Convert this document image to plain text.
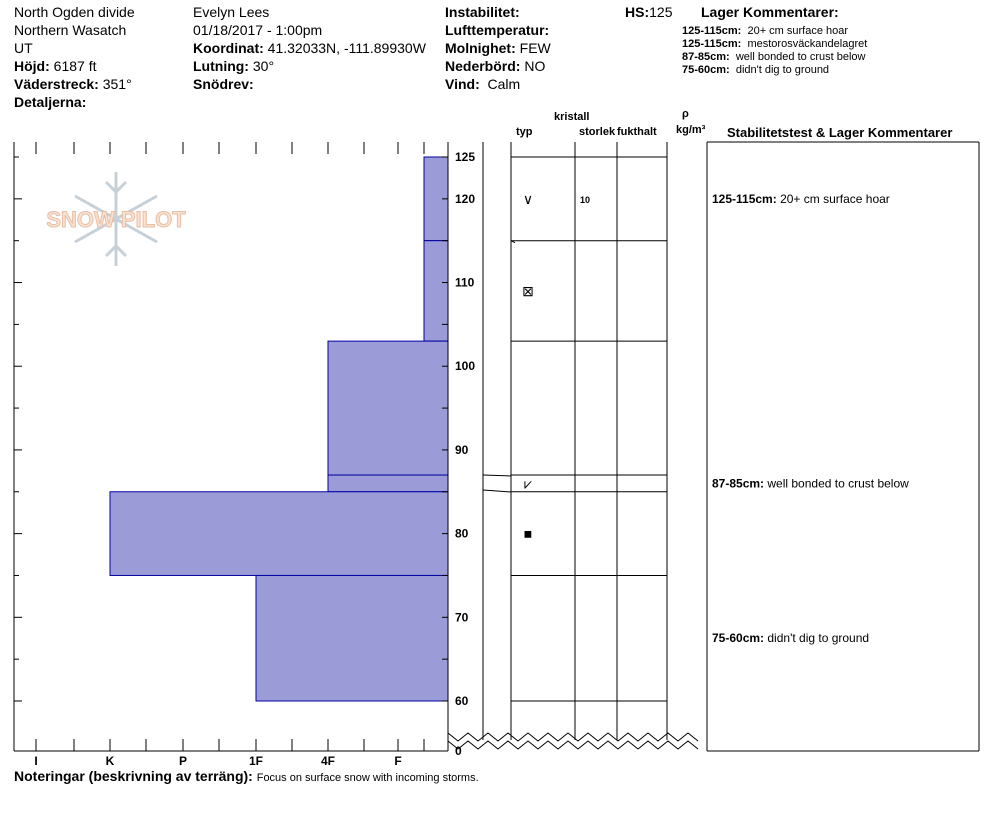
North Ogden divide
Northern Wasatch
UT
Höjd: 6187 ft
Väderstreck: 351°
Detaljerna:
Evelyn Lees
01/18/2017 - 1:00pm
Koordinat: 41.32033N, -111.89930W
Lutning: 30°
Snödrev:
Instabilitet:
Lufttemperatur:
Molnighet: FEW
Nederbörd: NO
Vind: Calm
HS:125 Lager Kommentarer:
125-115cm: 20+ cm surface hoar
125-115cm: mestorosväckandelagret
87-85cm: well bonded to crust below
75-60cm: didn't dig to ground
kristall
typ	storlek fukthalt
ρ
kg/m³ Stabilitetstest & Lager Kommentarer
SNOW PILOT
I	K	P	1F	4F	F
0
60
70
80
90
100
110
120
125
∨	10
⊠
⩗
■
125-115cm: 20+ cm surface hoar
87-85cm: well bonded to crust below
75-60cm: didn't dig to ground
Noteringar (beskrivning av terräng): Focus on surface snow with incoming storms.
